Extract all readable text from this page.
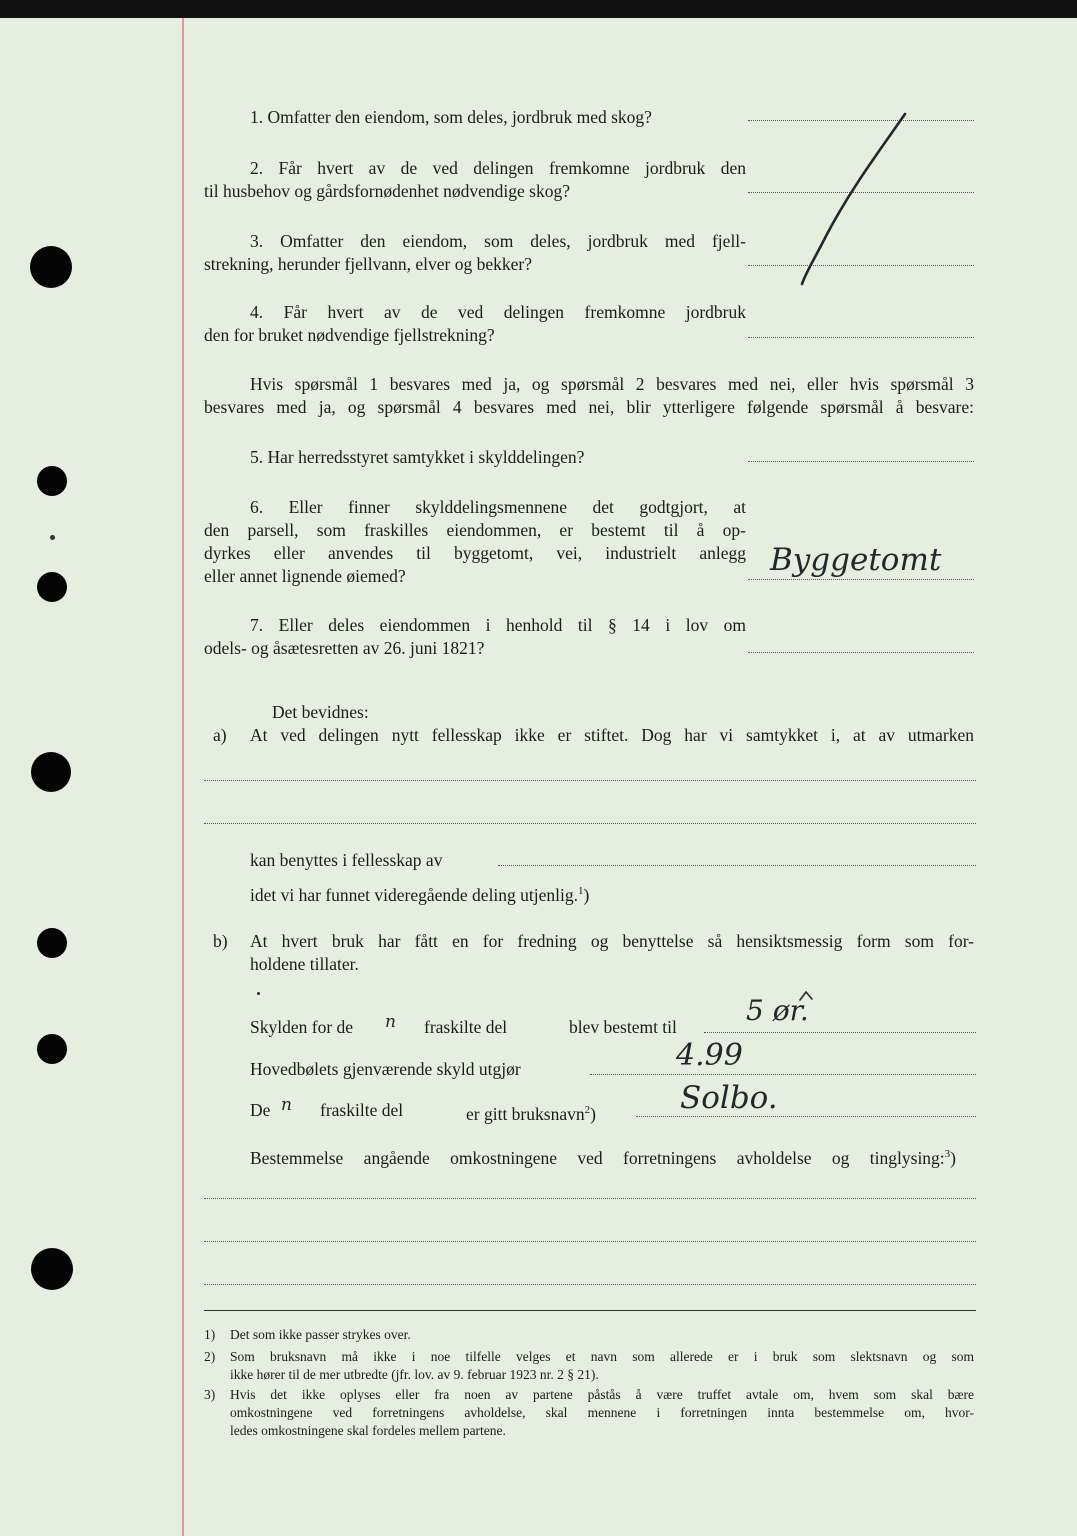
1. Omfatter den eiendom, som deles, jordbruk med skog?
2. Får hvert av de ved delingen fremkomne jordbruk den
til husbehov og gårdsfornødenhet nødvendige skog?
3. Omfatter den eiendom, som deles, jordbruk med fjell-
strekning, herunder fjellvann, elver og bekker?
4. Får hvert av de ved delingen fremkomne jordbruk
den for bruket nødvendige fjellstrekning?
Hvis spørsmål 1 besvares med ja, og spørsmål 2 besvares med nei, eller hvis spørsmål 3
besvares med ja, og spørsmål 4 besvares med nei, blir ytterligere følgende spørsmål å besvare:
5. Har herredsstyret samtykket i skylddelingen?
6. Eller finner skylddelingsmennene det godtgjort, at
den parsell, som fraskilles eiendommen, er bestemt til å op-
dyrkes eller anvendes til byggetomt, vei, industrielt anlegg
eller annet lignende øiemed?	Byggetomt
7. Eller deles eiendommen i henhold til § 14 i lov om
odels- og åsætesretten av 26. juni 1821?
Det bevidnes:
a) At ved delingen nytt fellesskap ikke er stiftet. Dog har vi samtykket i, at av utmarken
kan benyttes i fellesskap av
idet vi har funnet videregående deling utjenlig.$^1$)
b) At hvert bruk har fått en for fredning og benyttelse så hensiktsmessig form som for-
holdene tillater.
Skylden for de n fraskilte del	blev bestemt til 5 ør.
Hovedbølets gjenværende skyld utgjør	4.99
De n fraskilte del	er gitt bruksnavn$^2$)	Solbo.
Bestemmelse angående omkostningene ved forretningens avholdelse og tinglysing:$^3$)
1) Det som ikke passer strykes over.
2) Som bruksnavn må ikke i noe tilfelle velges et navn som allerede er i bruk som slektsnavn og som
ikke hører til de mer utbredte (jfr. lov. av 9. februar 1923 nr. 2 § 21).
3) Hvis det ikke oplyses eller fra noen av partene påstås å være truffet avtale om, hvem som skal bære
omkostningene ved forretningens avholdelse, skal mennene i forretningen innta bestemmelse om, hvor-
ledes omkostningene skal fordeles mellem partene.
